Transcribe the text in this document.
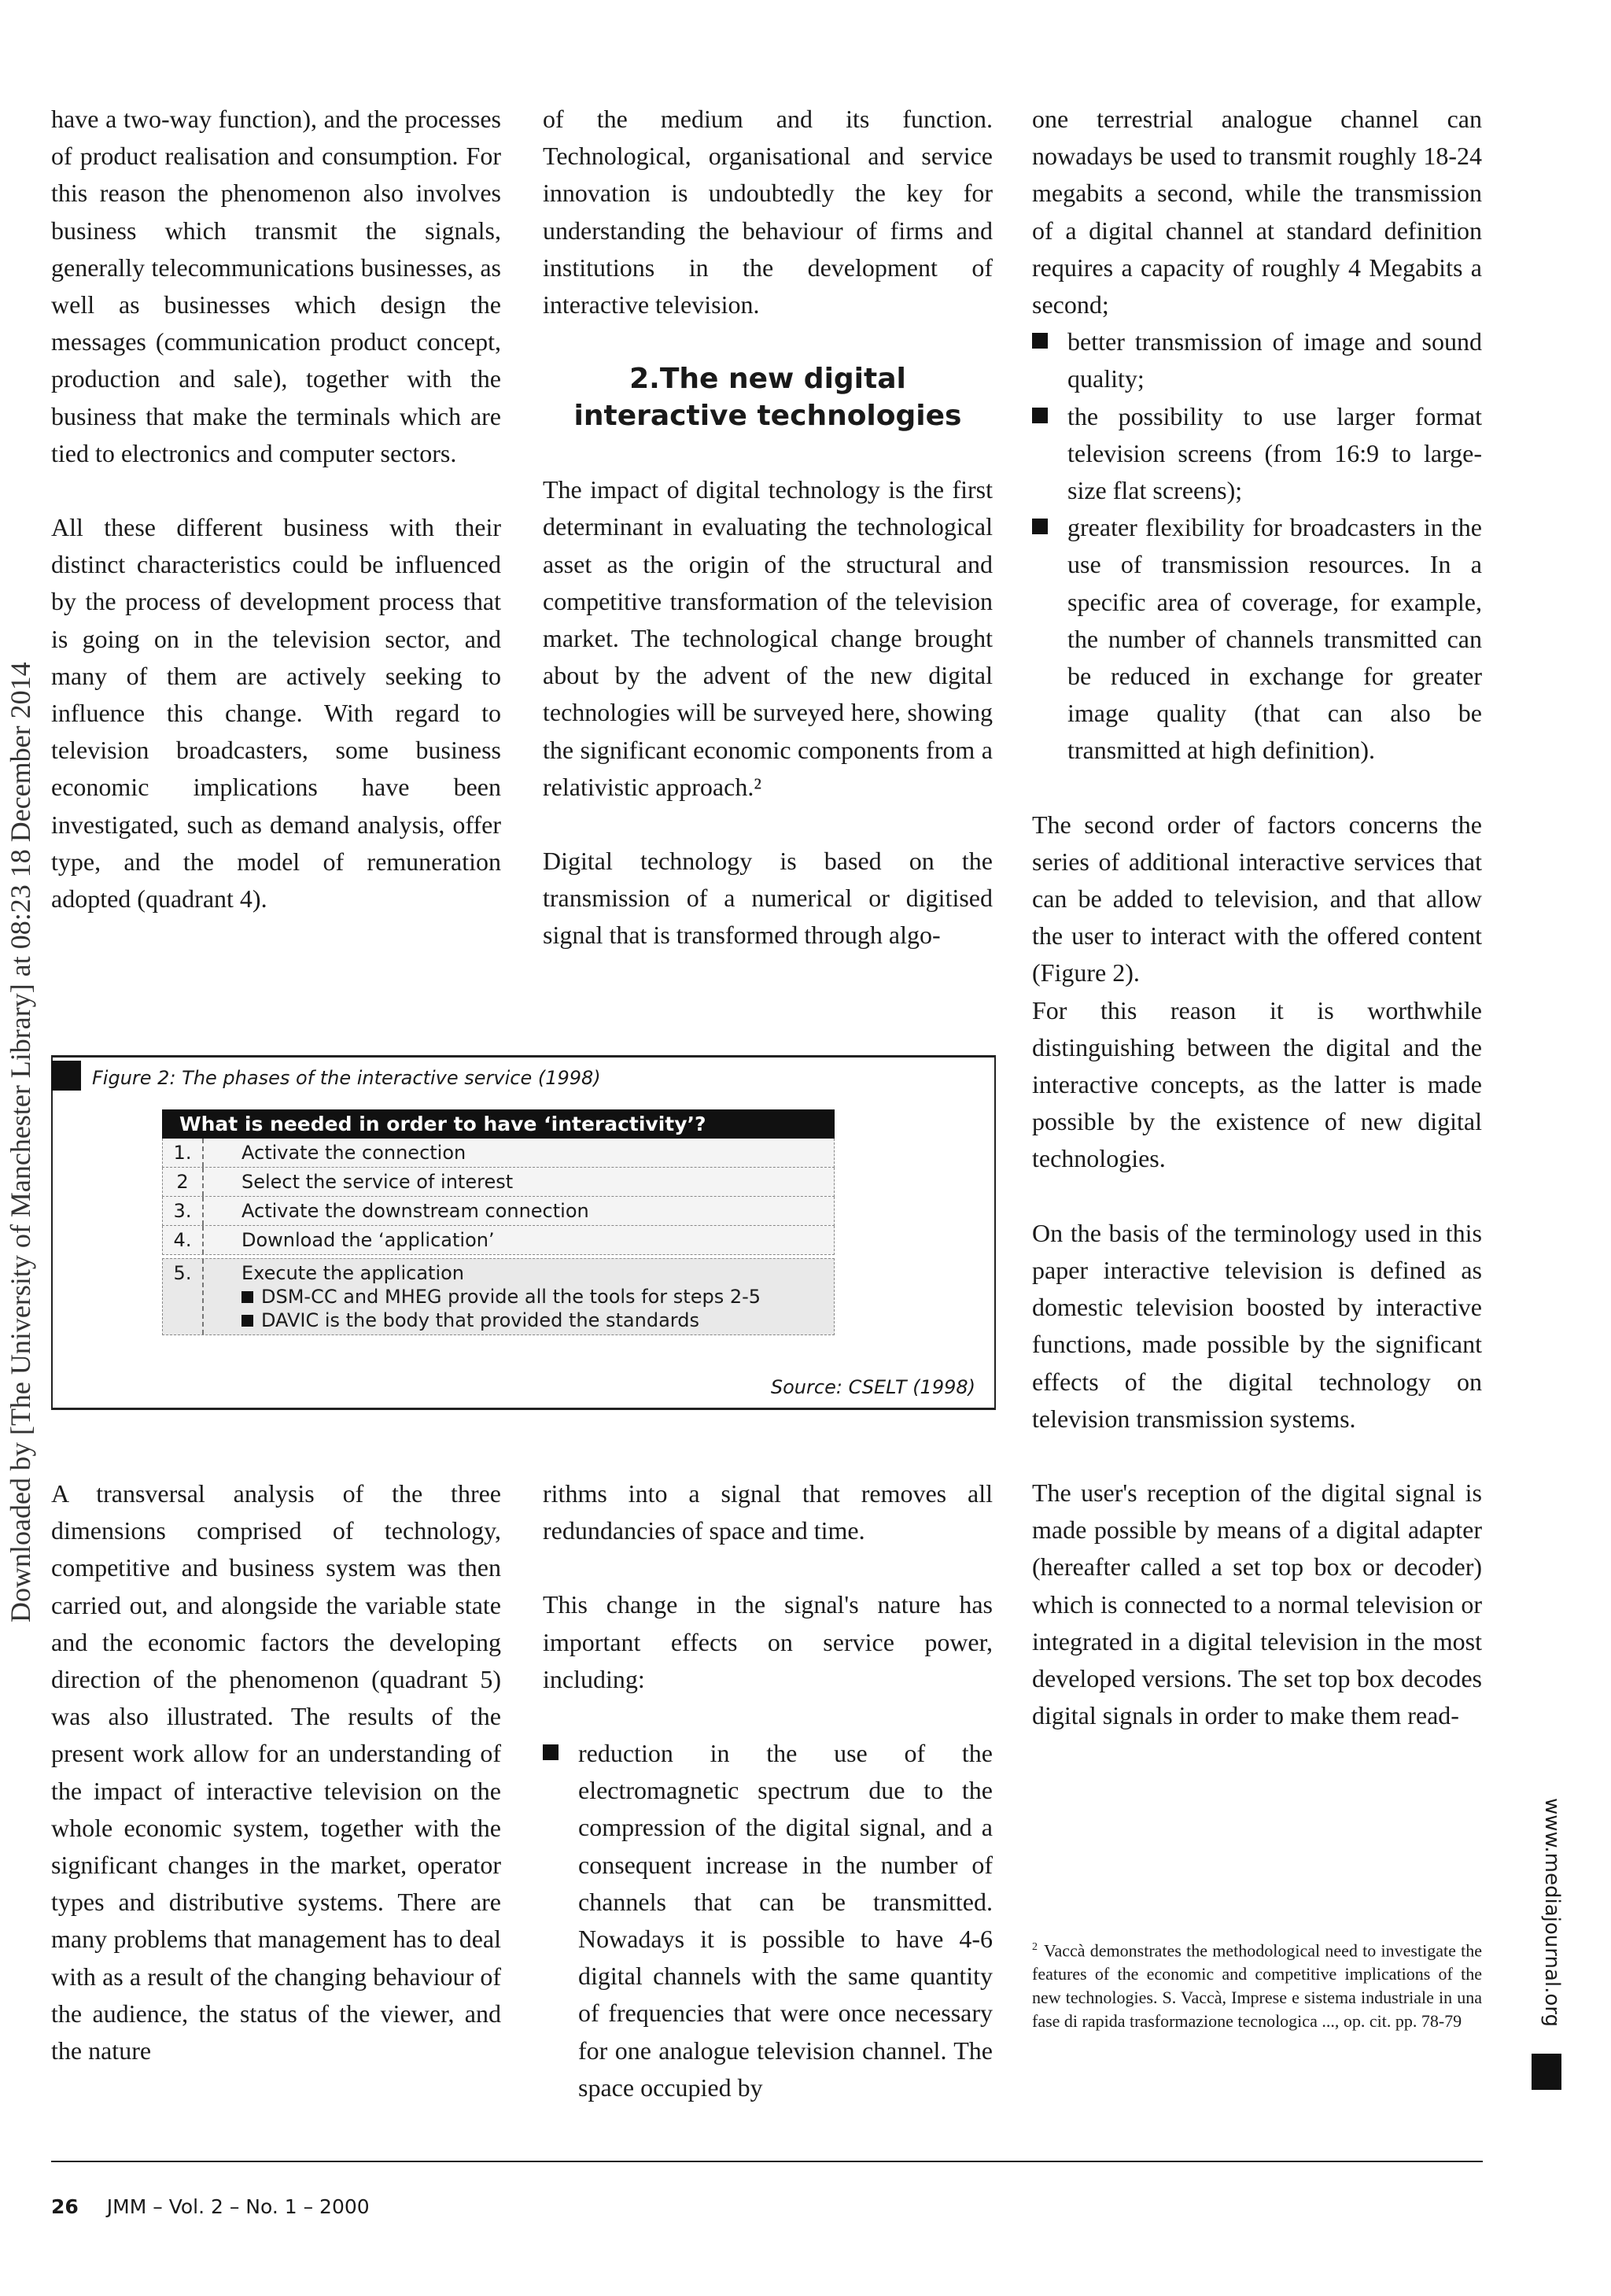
Downloaded by [The University of Manchester Library] at 08:23 18 December 2014

have a two-way function), and the processes of product realisation and consumption. For this reason the phenomenon also involves business which transmit the signals, generally telecommunications businesses, as well as businesses which design the messages (communication product concept, production and sale), together with the business that make the terminals which are tied to electronics and computer sectors.

All these different business with their distinct characteristics could be influenced by the process of development process that is going on in the television sector, and many of them are actively seeking to influence this change. With regard to television broadcasters, some business economic implications have been investigated, such as demand analysis, offer type, and the model of remuneration adopted (quadrant 4).

A transversal analysis of the three dimensions comprised of technology, competitive and business system was then carried out, and alongside the variable state and the economic factors the developing direction of the phenomenon (quadrant 5) was also illustrated. The results of the present work allow for an understanding of the impact of interactive television on the whole economic system, together with the significant changes in the market, operator types and distributive systems. There are many problems that management has to deal with as a result of the changing behaviour of the audience, the status of the viewer, and the nature

of the medium and its function. Technological, organisational and service innovation is undoubtedly the key for understanding the behaviour of firms and institutions in the development of interactive television.

2.The new digital interactive technologies

The impact of digital technology is the first determinant in evaluating the technological asset as the origin of the structural and competitive transformation of the television market. The technological change brought about by the advent of the new digital technologies will be surveyed here, showing the significant economic components from a relativistic approach.²

Digital technology is based on the transmission of a numerical or digitised signal that is transformed through algo-

rithms into a signal that removes all redundancies of space and time.

This change in the signal's nature has important effects on service power, including:

reduction in the use of the electromagnetic spectrum due to the compression of the digital signal, and a consequent increase in the number of channels that can be transmitted. Nowadays it is possible to have 4-6 digital channels with the same quantity of frequencies that were once necessary for one analogue television channel. The space occupied by

one terrestrial analogue channel can nowadays be used to transmit roughly 18-24 megabits a second, while the transmission of a digital channel at standard definition requires a capacity of roughly 4 Megabits a second;

better transmission of image and sound quality;
the possibility to use larger format television screens (from 16:9 to large-size flat screens);
greater flexibility for broadcasters in the use of transmission resources. In a specific area of coverage, for example, the number of channels transmitted can be reduced in exchange for greater image quality (that can also be transmitted at high definition).

The second order of factors concerns the series of additional interactive services that can be added to television, and that allow the user to interact with the offered content (Figure 2).

For this reason it is worthwhile distinguishing between the digital and the interactive concepts, as the latter is made possible by the existence of new digital technologies.

On the basis of the terminology used in this paper interactive television is defined as domestic television boosted by interactive functions, made possible by the significant effects of the digital technology on television transmission systems.

The user's reception of the digital signal is made possible by means of a digital adapter (hereafter called a set top box or decoder) which is connected to a normal television or integrated in a digital television in the most developed versions. The set top box decodes digital signals in order to make them read-

Figure 2: The phases of the interactive service (1998)
What is needed in order to have ‘interactivity’?
1.	Activate the connection
2	Select the service of interest
3.	Activate the downstream connection
4.	Download the ‘application’
5.	Execute the application
DSM-CC and MHEG provide all the tools for steps 2-5
DAVIC is the body that provided the standards
Source: CSELT (1998)
$^2$ Vaccà demonstrates the methodological need to investigate the features of the economic and competitive implications of the new technologies. S. Vaccà, Imprese e sistema industriale in una fase di rapida trasformazione tecnologica ..., op. cit. pp. 78-79	www.mediajournal.org
26 JMM – Vol. 2 – No. 1 – 2000
